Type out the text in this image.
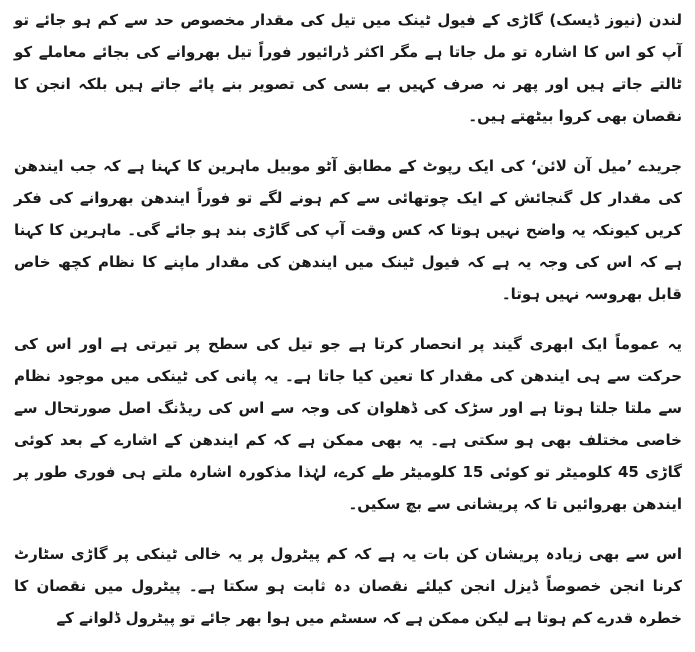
لندن (نیوز ڈیسک) گاڑی کے فیول ٹینک میں تیل کی مقدار مخصوص حد سے کم ہو جائے تو آپ کو اس کا اشارہ تو مل جاتا ہے مگر اکثر ڈرائیور فوراً تیل بھروانے کی بجائے معاملے کو ٹالتے جاتے ہیں اور پھر نہ صرف کہیں بے بسی کی تصویر بنے پائے جاتے ہیں بلکہ انجن کا نقصان بھی کروا بیٹھتے ہیں۔

جریدے ’میل آن لائن‘ کی ایک رپوٹ کے مطابق آٹو موبیل ماہرین کا کہنا ہے کہ جب ایندھن کی مقدار کل گنجائش کے ایک چوتھائی سے کم ہونے لگے تو فوراً ایندھن بھروانے کی فکر کریں کیونکہ یہ واضح نہیں ہوتا کہ کس وقت آپ کی گاڑی بند ہو جائے گی۔ ماہرین کا کہنا ہے کہ اس کی وجہ یہ ہے کہ فیول ٹینک میں ایندھن کی مقدار ماپنے کا نظام کچھ خاص قابل بھروسہ نہیں ہوتا۔

یہ عموماً ایک ابھری گیند پر انحصار کرتا ہے جو تیل کی سطح پر تیرتی ہے اور اس کی حرکت سے ہی ایندھن کی مقدار کا تعین کیا جاتا ہے۔ یہ پانی کی ٹینکی میں موجود نظام سے ملتا جلتا ہوتا ہے اور سڑک کی ڈھلوان کی وجہ سے اس کی ریڈنگ اصل صورتحال سے خاصی مختلف بھی ہو سکتی ہے۔ یہ بھی ممکن ہے کہ کم ایندھن کے اشارے کے بعد کوئی گاڑی 45 کلومیٹر تو کوئی 15 کلومیٹر طے کرے، لہٰذا مذکورہ اشارہ ملتے ہی فوری طور پر ایندھن بھروائیں تا کہ پریشانی سے بچ سکیں۔

اس سے بھی زیادہ پریشان کن بات یہ ہے کہ کم پیٹرول پر یہ خالی ٹینکی پر گاڑی سٹارٹ کرنا انجن خصوصاً ڈیزل انجن کیلئے نقصان دہ ثابت ہو سکتا ہے۔ پیٹرول میں نقصان کا خطرہ قدرے کم ہوتا ہے لیکن ممکن ہے کہ سسٹم میں ہوا بھر جائے تو پیٹرول ڈلوانے کے
